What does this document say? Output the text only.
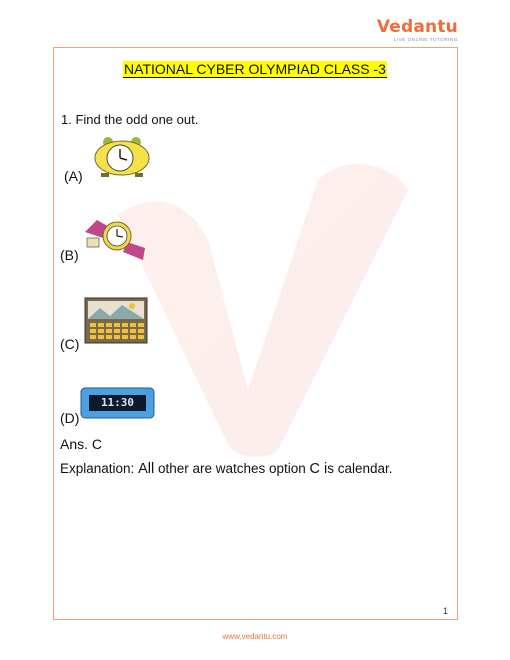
Vedantu
LIVE ONLINE TUTORING
NATIONAL CYBER OLYMPIAD CLASS -3
1. Find the odd one out.
(A)
(B)
(C)
(D)
11:30
Ans. C
Explanation: All other are watches option C is calendar.
1
www.vedantu.com
